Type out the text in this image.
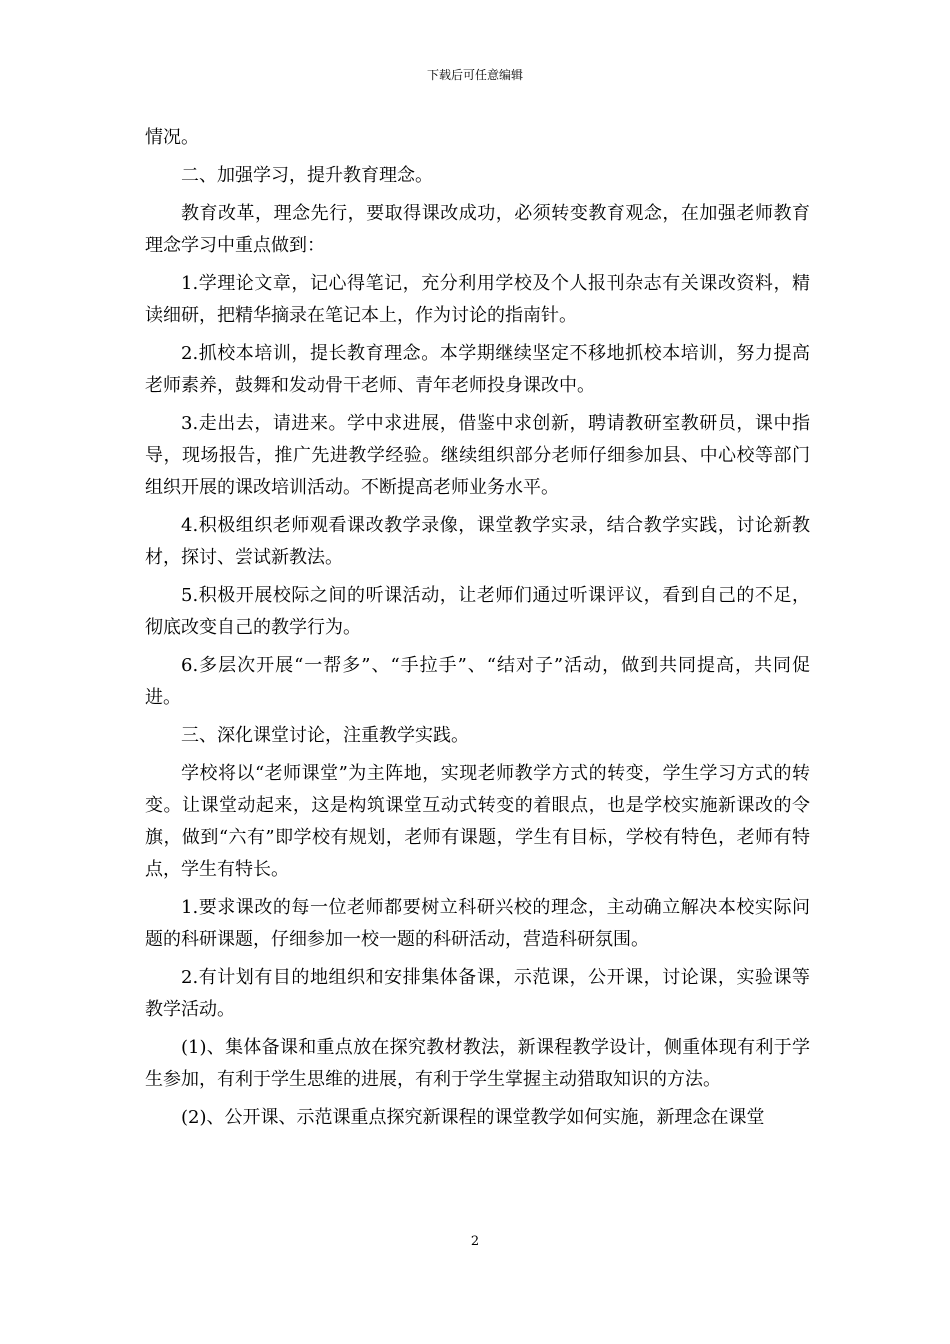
下载后可任意编辑

情况。

二、加强学习，提升教育理念。

教育改革，理念先行，要取得课改成功，必须转变教育观念，在加强老师教育理念学习中重点做到：

1.学理论文章，记心得笔记，充分利用学校及个人报刊杂志有关课改资料，精读细研，把精华摘录在笔记本上，作为讨论的指南针。

2.抓校本培训，提长教育理念。本学期继续坚定不移地抓校本培训，努力提高老师素养，鼓舞和发动骨干老师、青年老师投身课改中。

3.走出去，请进来。学中求进展，借鉴中求创新，聘请教研室教研员，课中指导，现场报告，推广先进教学经验。继续组织部分老师仔细参加县、中心校等部门组织开展的课改培训活动。不断提高老师业务水平。

4.积极组织老师观看课改教学录像，课堂教学实录，结合教学实践，讨论新教材，探讨、尝试新教法。

5.积极开展校际之间的听课活动，让老师们通过听课评议，看到自己的不足，彻底改变自己的教学行为。

6.多层次开展“一帮多”、“手拉手”、“结对子”活动，做到共同提高，共同促进。

三、深化课堂讨论，注重教学实践。

学校将以“老师课堂”为主阵地，实现老师教学方式的转变，学生学习方式的转变。让课堂动起来，这是构筑课堂互动式转变的着眼点，也是学校实施新课改的令旗，做到“六有”即学校有规划，老师有课题，学生有目标，学校有特色，老师有特点，学生有特长。

1.要求课改的每一位老师都要树立科研兴校的理念，主动确立解决本校实际问题的科研课题，仔细参加一校一题的科研活动，营造科研氛围。

2.有计划有目的地组织和安排集体备课，示范课，公开课，讨论课，实验课等教学活动。

(1)、集体备课和重点放在探究教材教法，新课程教学设计，侧重体现有利于学生参加，有利于学生思维的进展，有利于学生掌握主动猎取知识的方法。

(2)、公开课、示范课重点探究新课程的课堂教学如何实施，新理念在课堂

2
